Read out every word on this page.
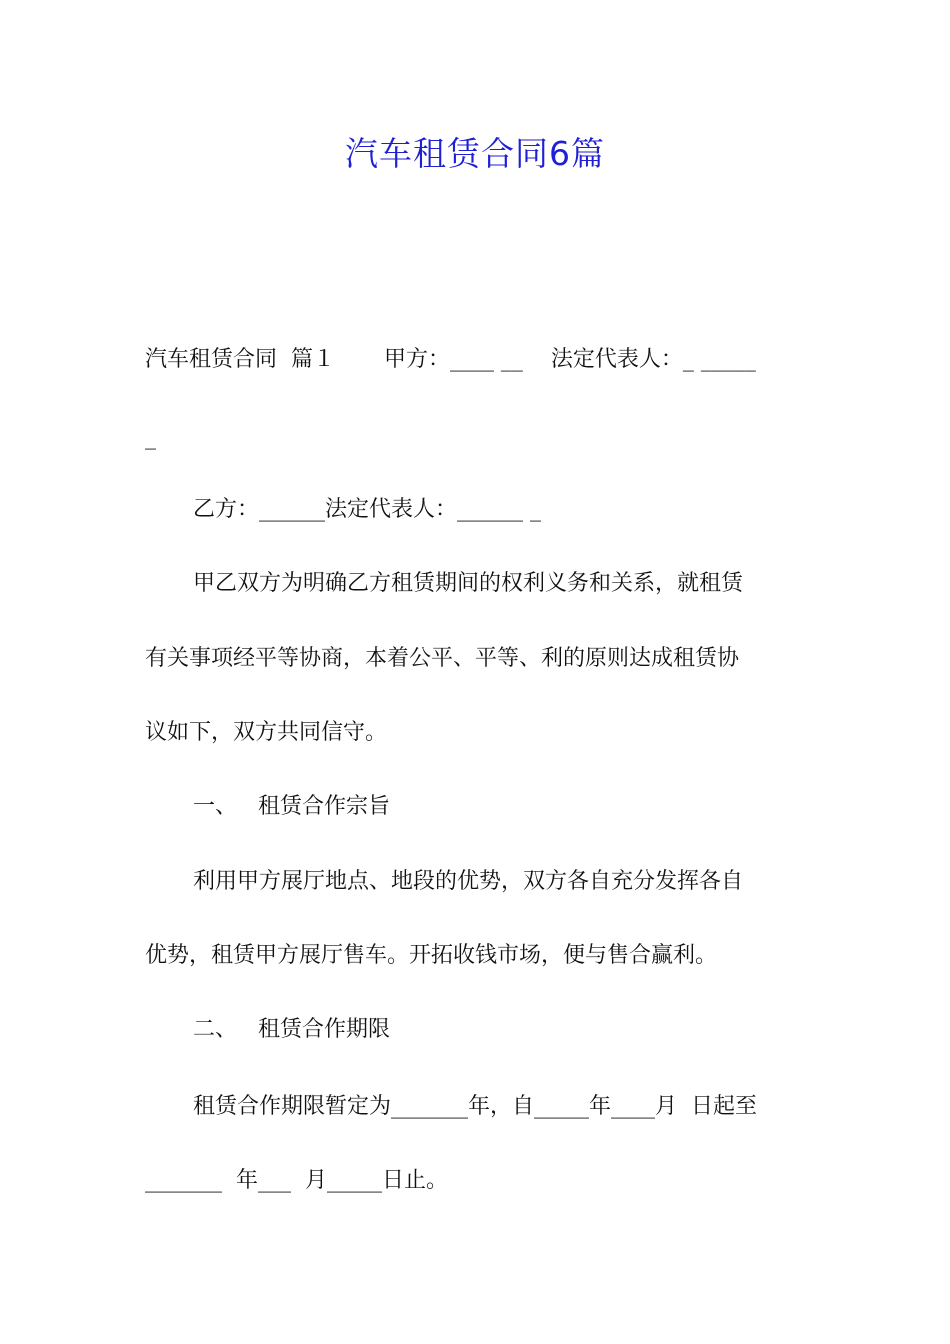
汽车租赁合同6篇

汽车租赁合同  篇１       甲方：____ __    法定代表人：_ _____

_

乙方：______法定代表人：______ _

甲乙双方为明确乙方租赁期间的权利义务和关系，就租赁

有关事项经平等协商，本着公平、平等、利的原则达成租赁协

议如下，双方共同信守。

一、   租赁合作宗旨

利用甲方展厅地点、地段的优势，双方各自充分发挥各自

优势，租赁甲方展厅售车。开拓收钱市场，便与售合赢利。

二、   租赁合作期限

租赁合作期限暂定为_______年，自_____年____月  日起至

_______  年___  月_____日止。
